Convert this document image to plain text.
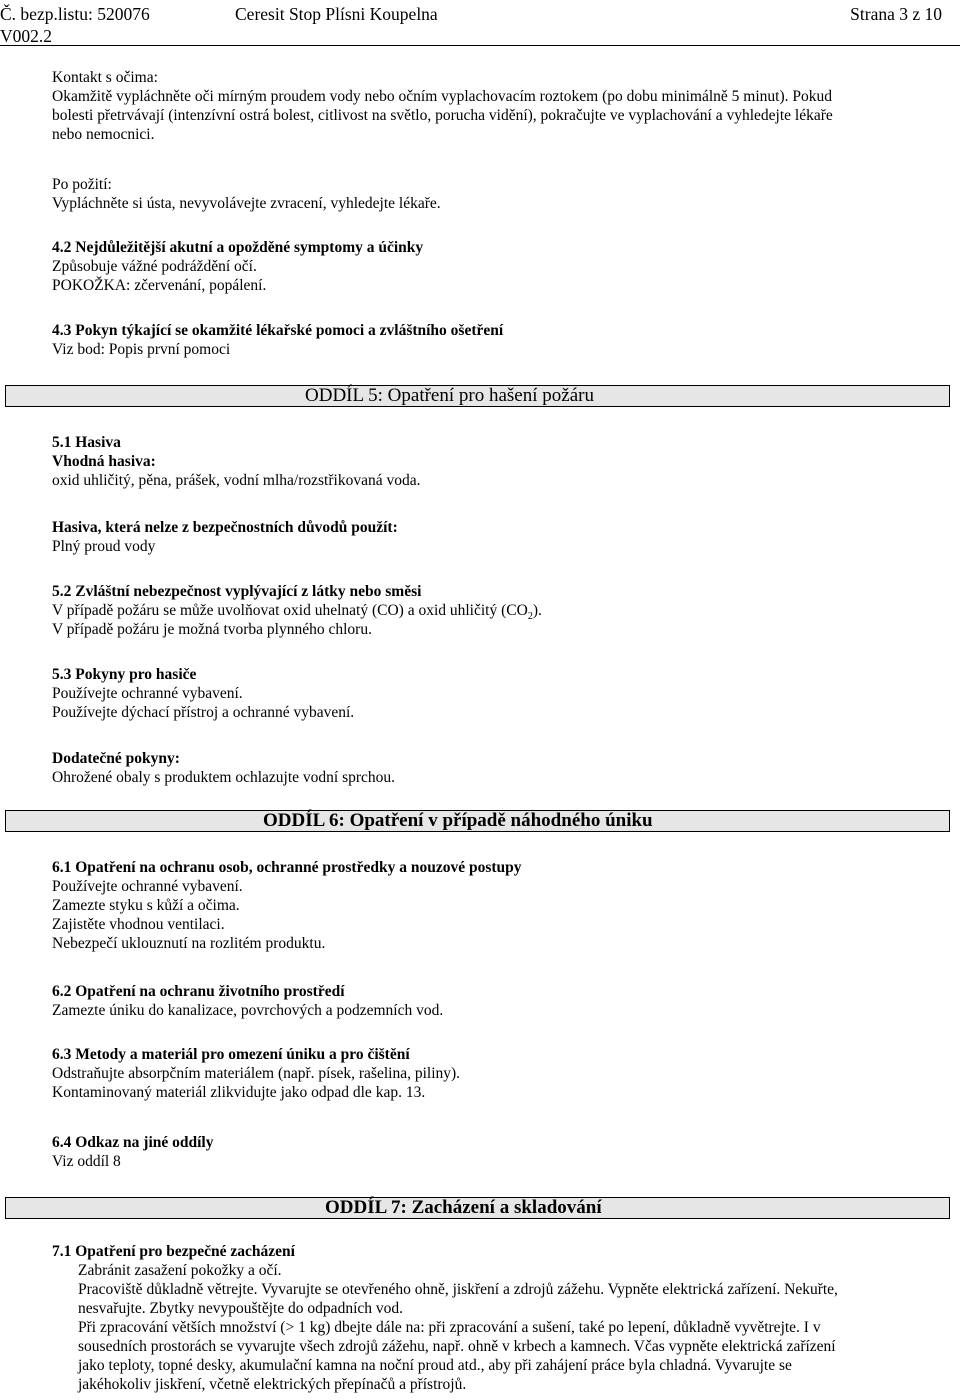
Č. bezp.listu: 520076	Ceresit Stop Plísni Koupelna	Strana 3 z 10
V002.2

Kontakt s očima:

Okamžitě vypláchněte oči mírným proudem vody nebo očním vyplachovacím roztokem (po dobu minimálně 5 minut). Pokud

bolesti přetrvávají (intenzívní ostrá bolest, citlivost na světlo, porucha vidění), pokračujte ve vyplachování a vyhledejte lékaře

nebo nemocnici.

Po požití:

Vypláchněte si ústa, nevyvolávejte zvracení, vyhledejte lékaře.

4.2 Nejdůležitější akutní a opožděné symptomy a účinky

Způsobuje vážné podráždění očí.

POKOŽKA: zčervenání, popálení.

4.3 Pokyn týkající se okamžité lékařské pomoci a zvláštního ošetření

Viz bod: Popis první pomoci

ODDÍL 5: Opatření pro hašení požáru

5.1 Hasiva

Vhodná hasiva:

oxid uhličitý, pěna, prášek, vodní mlha/rozstřikovaná voda.

Hasiva, která nelze z bezpečnostních důvodů použít:

Plný proud vody

5.2 Zvláštní nebezpečnost vyplývající z látky nebo směsi

V případě požáru se může uvolňovat oxid uhelnatý (CO) a oxid uhličitý $(CO_2)$.

V případě požáru je možná tvorba plynného chloru.

5.3 Pokyny pro hasiče

Používejte ochranné vybavení.

Používejte dýchací přístroj a ochranné vybavení.

Dodatečné pokyny:

Ohrožené obaly s produktem ochlazujte vodní sprchou.

ODDÍL 6: Opatření v případě náhodného úniku

6.1 Opatření na ochranu osob, ochranné prostředky a nouzové postupy

Používejte ochranné vybavení.

Zamezte styku s kůží a očima.

Zajistěte vhodnou ventilaci.

Nebezpečí uklouznutí na rozlitém produktu.

6.2 Opatření na ochranu životního prostředí

Zamezte úniku do kanalizace, povrchových a podzemních vod.

6.3 Metody a materiál pro omezení úniku a pro čištění

Odstraňujte absorpčním materiálem (např. písek, rašelina, piliny).

Kontaminovaný materiál zlikvidujte jako odpad dle kap. 13.

6.4 Odkaz na jiné oddíly

Viz oddíl 8

ODDÍL 7: Zacházení a skladování

7.1 Opatření pro bezpečné zacházení

Zabránit zasažení pokožky a očí.

Pracoviště důkladně větrejte. Vyvarujte se otevřeného ohně, jiskření a zdrojů zážehu. Vypněte elektrická zařízení. Nekuřte,

nesvařujte. Zbytky nevypouštějte do odpadních vod.

Při zpracování větších množství (> 1 kg) dbejte dále na: při zpracování a sušení, také po lepení, důkladně vyvětrejte. I v

sousedních prostorách se vyvarujte všech zdrojů zážehu, např. ohně v krbech a kamnech. Včas vypněte elektrická zařízení

jako teploty, topné desky, akumulační kamna na noční proud atd., aby při zahájení práce byla chladná. Vyvarujte se

jakéhokoliv jiskření, včetně elektrických přepínačů a přístrojů.
